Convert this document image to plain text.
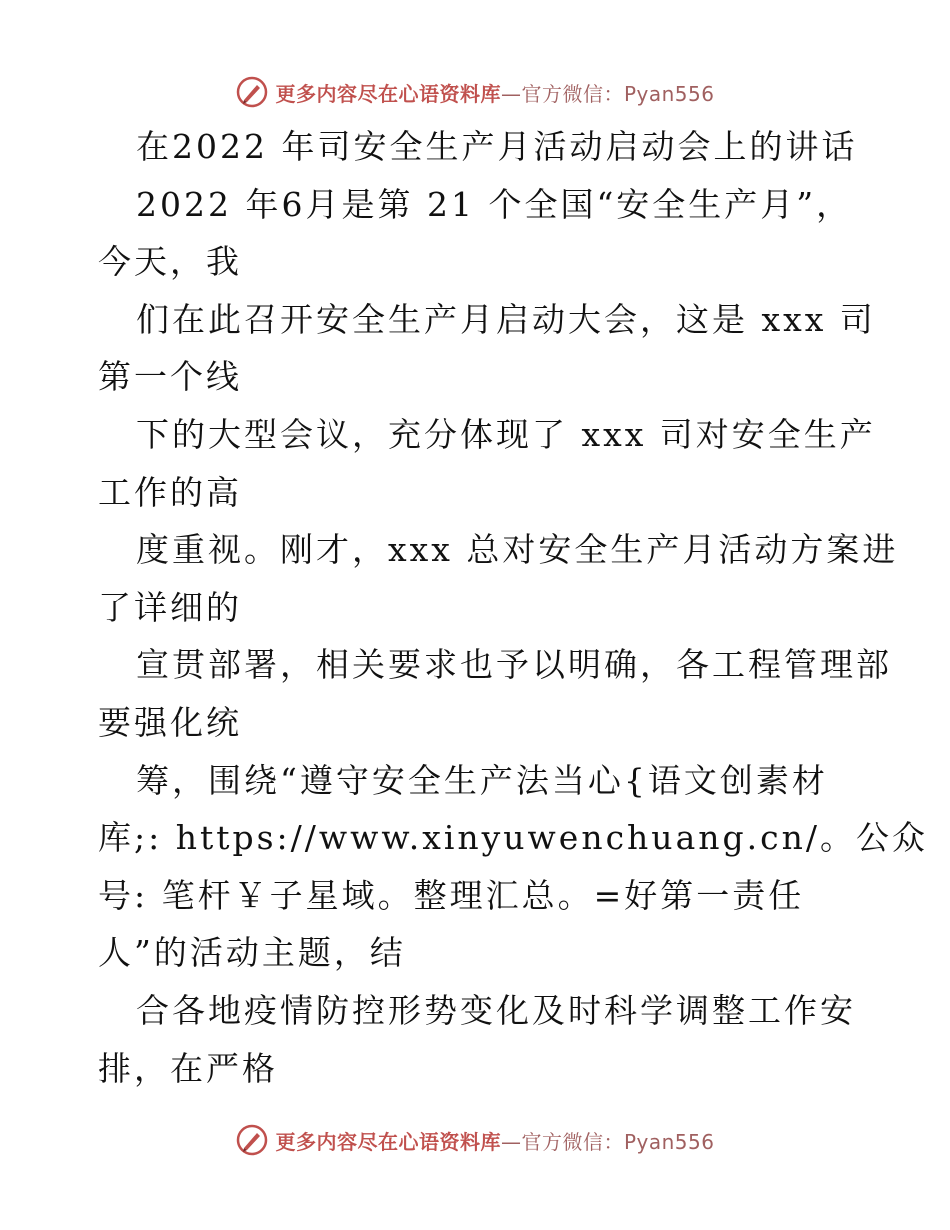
更多内容尽在心语资料库—官方微信：Pyan556
在2022 年司安全生产月活动启动会上的讲话
2022 年6月是第 21 个全国“安全生产月”，
今天，我
们在此召开安全生产月启动大会，这是 xxx 司
第一个线
下的大型会议，充分体现了 xxx 司对安全生产
工作的高
度重视。刚才，xxx 总对安全生产月活动方案进
了详细的
宣贯部署，相关要求也予以明确，各工程管理部
要强化统
筹，围绕“遵守安全生产法当心{语文创素材
库;: https://www.xinyuwenchuang.cn/。公众
号: 笔杆￥子星域。整理汇总。=好第一责任
人”的活动主题，结
合各地疫情防控形势变化及时科学调整工作安
排，在严格
更多内容尽在心语资料库—官方微信：Pyan556
